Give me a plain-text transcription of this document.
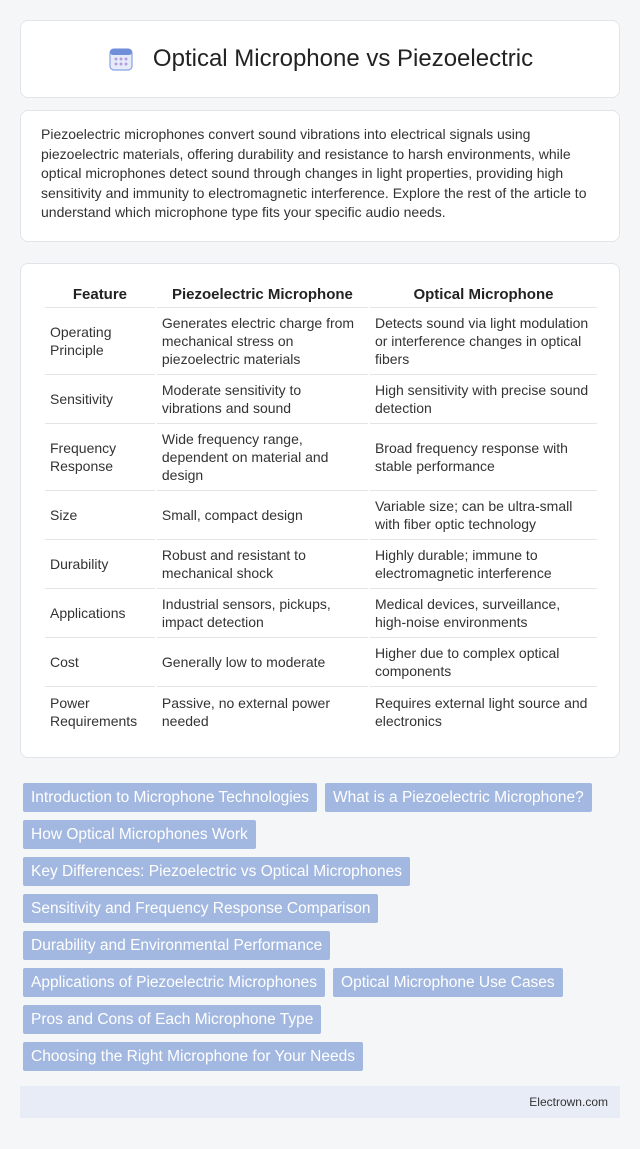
Optical Microphone vs Piezoelectric

Piezoelectric microphones convert sound vibrations into electrical signals using piezoelectric materials, offering durability and resistance to harsh environments, while optical microphones detect sound through changes in light properties, providing high sensitivity and immunity to electromagnetic interference. Explore the rest of the article to understand which microphone type fits your specific audio needs.

Feature	Piezoelectric Microphone	Optical Microphone
Operating Principle	Generates electric charge from mechanical stress on piezoelectric materials	Detects sound via light modulation or interference changes in optical fibers
Sensitivity	Moderate sensitivity to vibrations and sound	High sensitivity with precise sound detection
Frequency Response	Wide frequency range, dependent on material and design	Broad frequency response with stable performance
Size	Small, compact design	Variable size; can be ultra-small with fiber optic technology
Durability	Robust and resistant to mechanical shock	Highly durable; immune to electromagnetic interference
Applications	Industrial sensors, pickups, impact detection	Medical devices, surveillance, high-noise environments
Cost	Generally low to moderate	Higher due to complex optical components
Power Requirements	Passive, no external power needed	Requires external light source and electronics
Introduction to Microphone Technologies	What is a Piezoelectric Microphone?
How Optical Microphones Work
Key Differences: Piezoelectric vs Optical Microphones
Sensitivity and Frequency Response Comparison
Durability and Environmental Performance
Applications of Piezoelectric Microphones	Optical Microphone Use Cases
Pros and Cons of Each Microphone Type
Choosing the Right Microphone for Your Needs
Electrown.com
